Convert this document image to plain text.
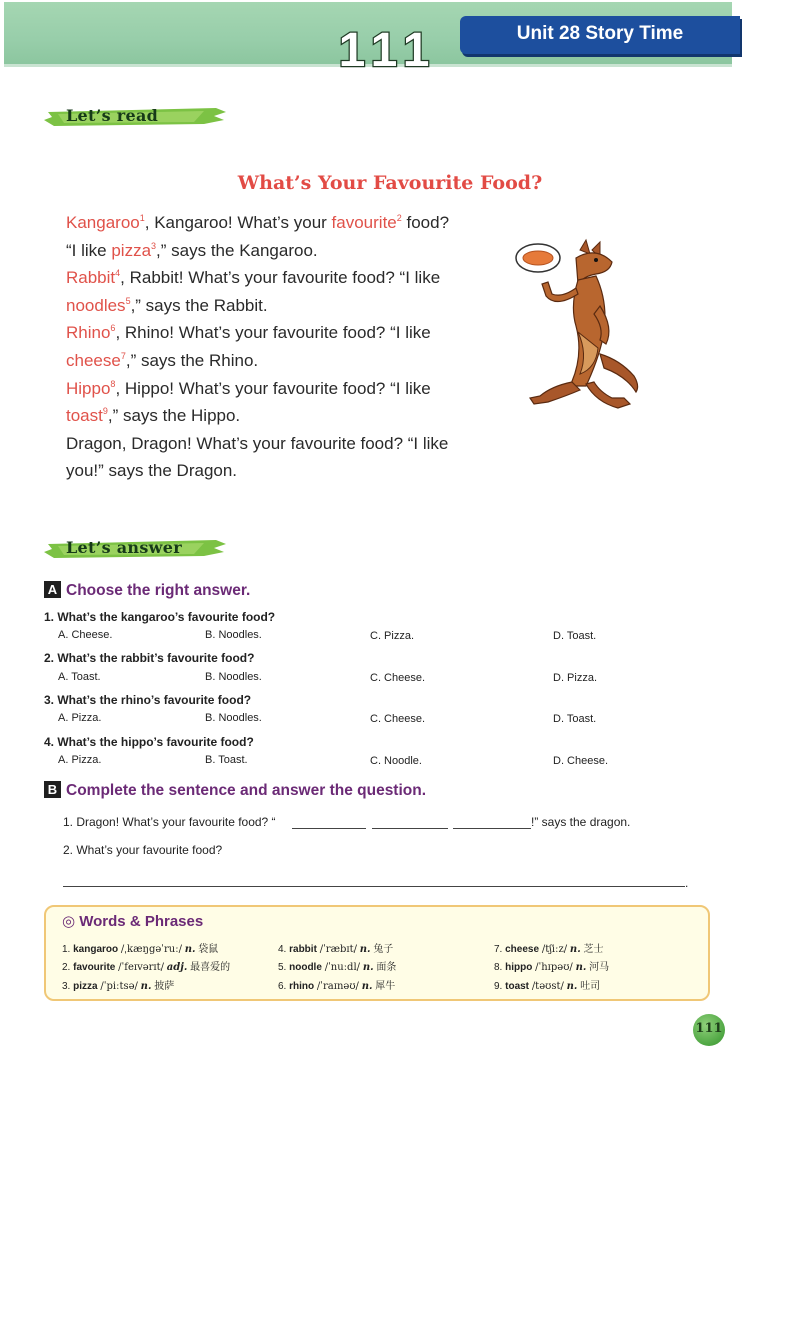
111	Unit 28 Story Time
Let’s read
What’s Your Favourite Food?

Kangaroo$^1$, Kangaroo! What’s your favourite$^2$ food?

“I like pizza$^3$,” says the Kangaroo.

Rabbit$^4$, Rabbit! What’s your favourite food? “I like

noodles$^5$,” says the Rabbit.

Rhino$^6$, Rhino! What’s your favourite food? “I like

cheese$^7$,” says the Rhino.

Hippo$^8$, Hippo! What’s your favourite food? “I like

toast$^9$,” says the Hippo.

Dragon, Dragon! What’s your favourite food? “I like

you!” says the Dragon.

Let’s answer
A Choose the right answer.
1. What’s the kangaroo’s favourite food?
A. Cheese.	B. Noodles.	C. Pizza.	D. Toast.
2. What’s the rabbit’s favourite food?
A. Toast.	B. Noodles.	C. Cheese.	D. Pizza.
3. What’s the rhino’s favourite food?
A. Pizza.	B. Noodles.	C. Cheese.	D. Toast.
4. What’s the hippo’s favourite food?
A. Pizza.	B. Toast.	C. Noodle.	D. Cheese.
B Complete the sentence and answer the question.
1. Dragon! What’s your favourite food? “	!” says the dragon.
2. What’s your favourite food?
.
◎ Words & Phrases
1. kangaroo /ˌkæŋgəˈruː/ n. 袋鼠
2. favourite /ˈfeɪvərɪt/ adj. 最喜爱的
3. pizza /ˈpiːtsə/ n. 披萨
4. rabbit /ˈræbɪt/ n. 兔子
5. noodle /ˈnuːdl/ n. 面条
6. rhino /ˈraɪnəʊ/ n. 犀牛
7. cheese /tʃiːz/ n. 芝士
8. hippo /ˈhɪpəʊ/ n. 河马
9. toast /təʊst/ n. 吐司
111
